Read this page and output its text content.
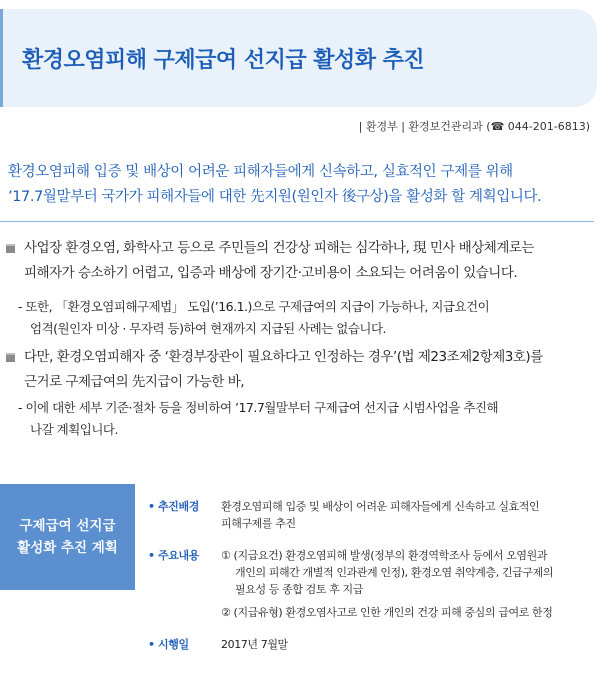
환경오염피해 구제급여 선지급 활성화 추진
| 환경부 | 환경보건관리과 (☎ 044-201-6813)
환경오염피해 입증 및 배상이 어려운 피해자들에게 신속하고, 실효적인 구제를 위해
’17.7월말부터 국가가 피해자들에 대한 先지원(원인자 後구상)을 활성화 할 계획입니다.
사업장 환경오염, 화학사고 등으로 주민들의 건강상 피해는 심각하나, 現 민사 배상체계로는
피해자가 승소하기 어렵고, 입증과 배상에 장기간·고비용이 소요되는 어려움이 있습니다.
- 또한, 「환경오염피해구제법」 도입(’16.1.)으로 구제급여의 지급이 가능하나, 지급요건이
엄격(원인자 미상 · 무자력 등)하여 현재까지 지급된 사례는 없습니다.
다만, 환경오염피해자 중 ‘환경부장관이 필요하다고 인정하는 경우’(법 제23조제2항제3호)를
근거로 구제급여의 先지급이 가능한 바,
- 이에 대한 세부 기준·절차 등을 정비하여 ’17.7월말부터 구제급여 선지급 시범사업을 추진해
나갈 계획입니다.
구제급여 선지급
활성화 추진 계획
• 추진배경 환경오염피해 입증 및 배상이 어려운 피해자들에게 신속하고 실효적인
피해구제를 추진
• 주요내용 ① (지급요건) 환경오염피해 발생(정부의 환경역학조사 등에서 오염원과
개인의 피해간 개별적 인과관계 인정), 환경오염 취약계층, 긴급구제의
필요성 등 종합 검토 후 지급
② (지급유형) 환경오염사고로 인한 개인의 건강 피해 중심의 급여로 한정
• 시행일	2017년 7월말
